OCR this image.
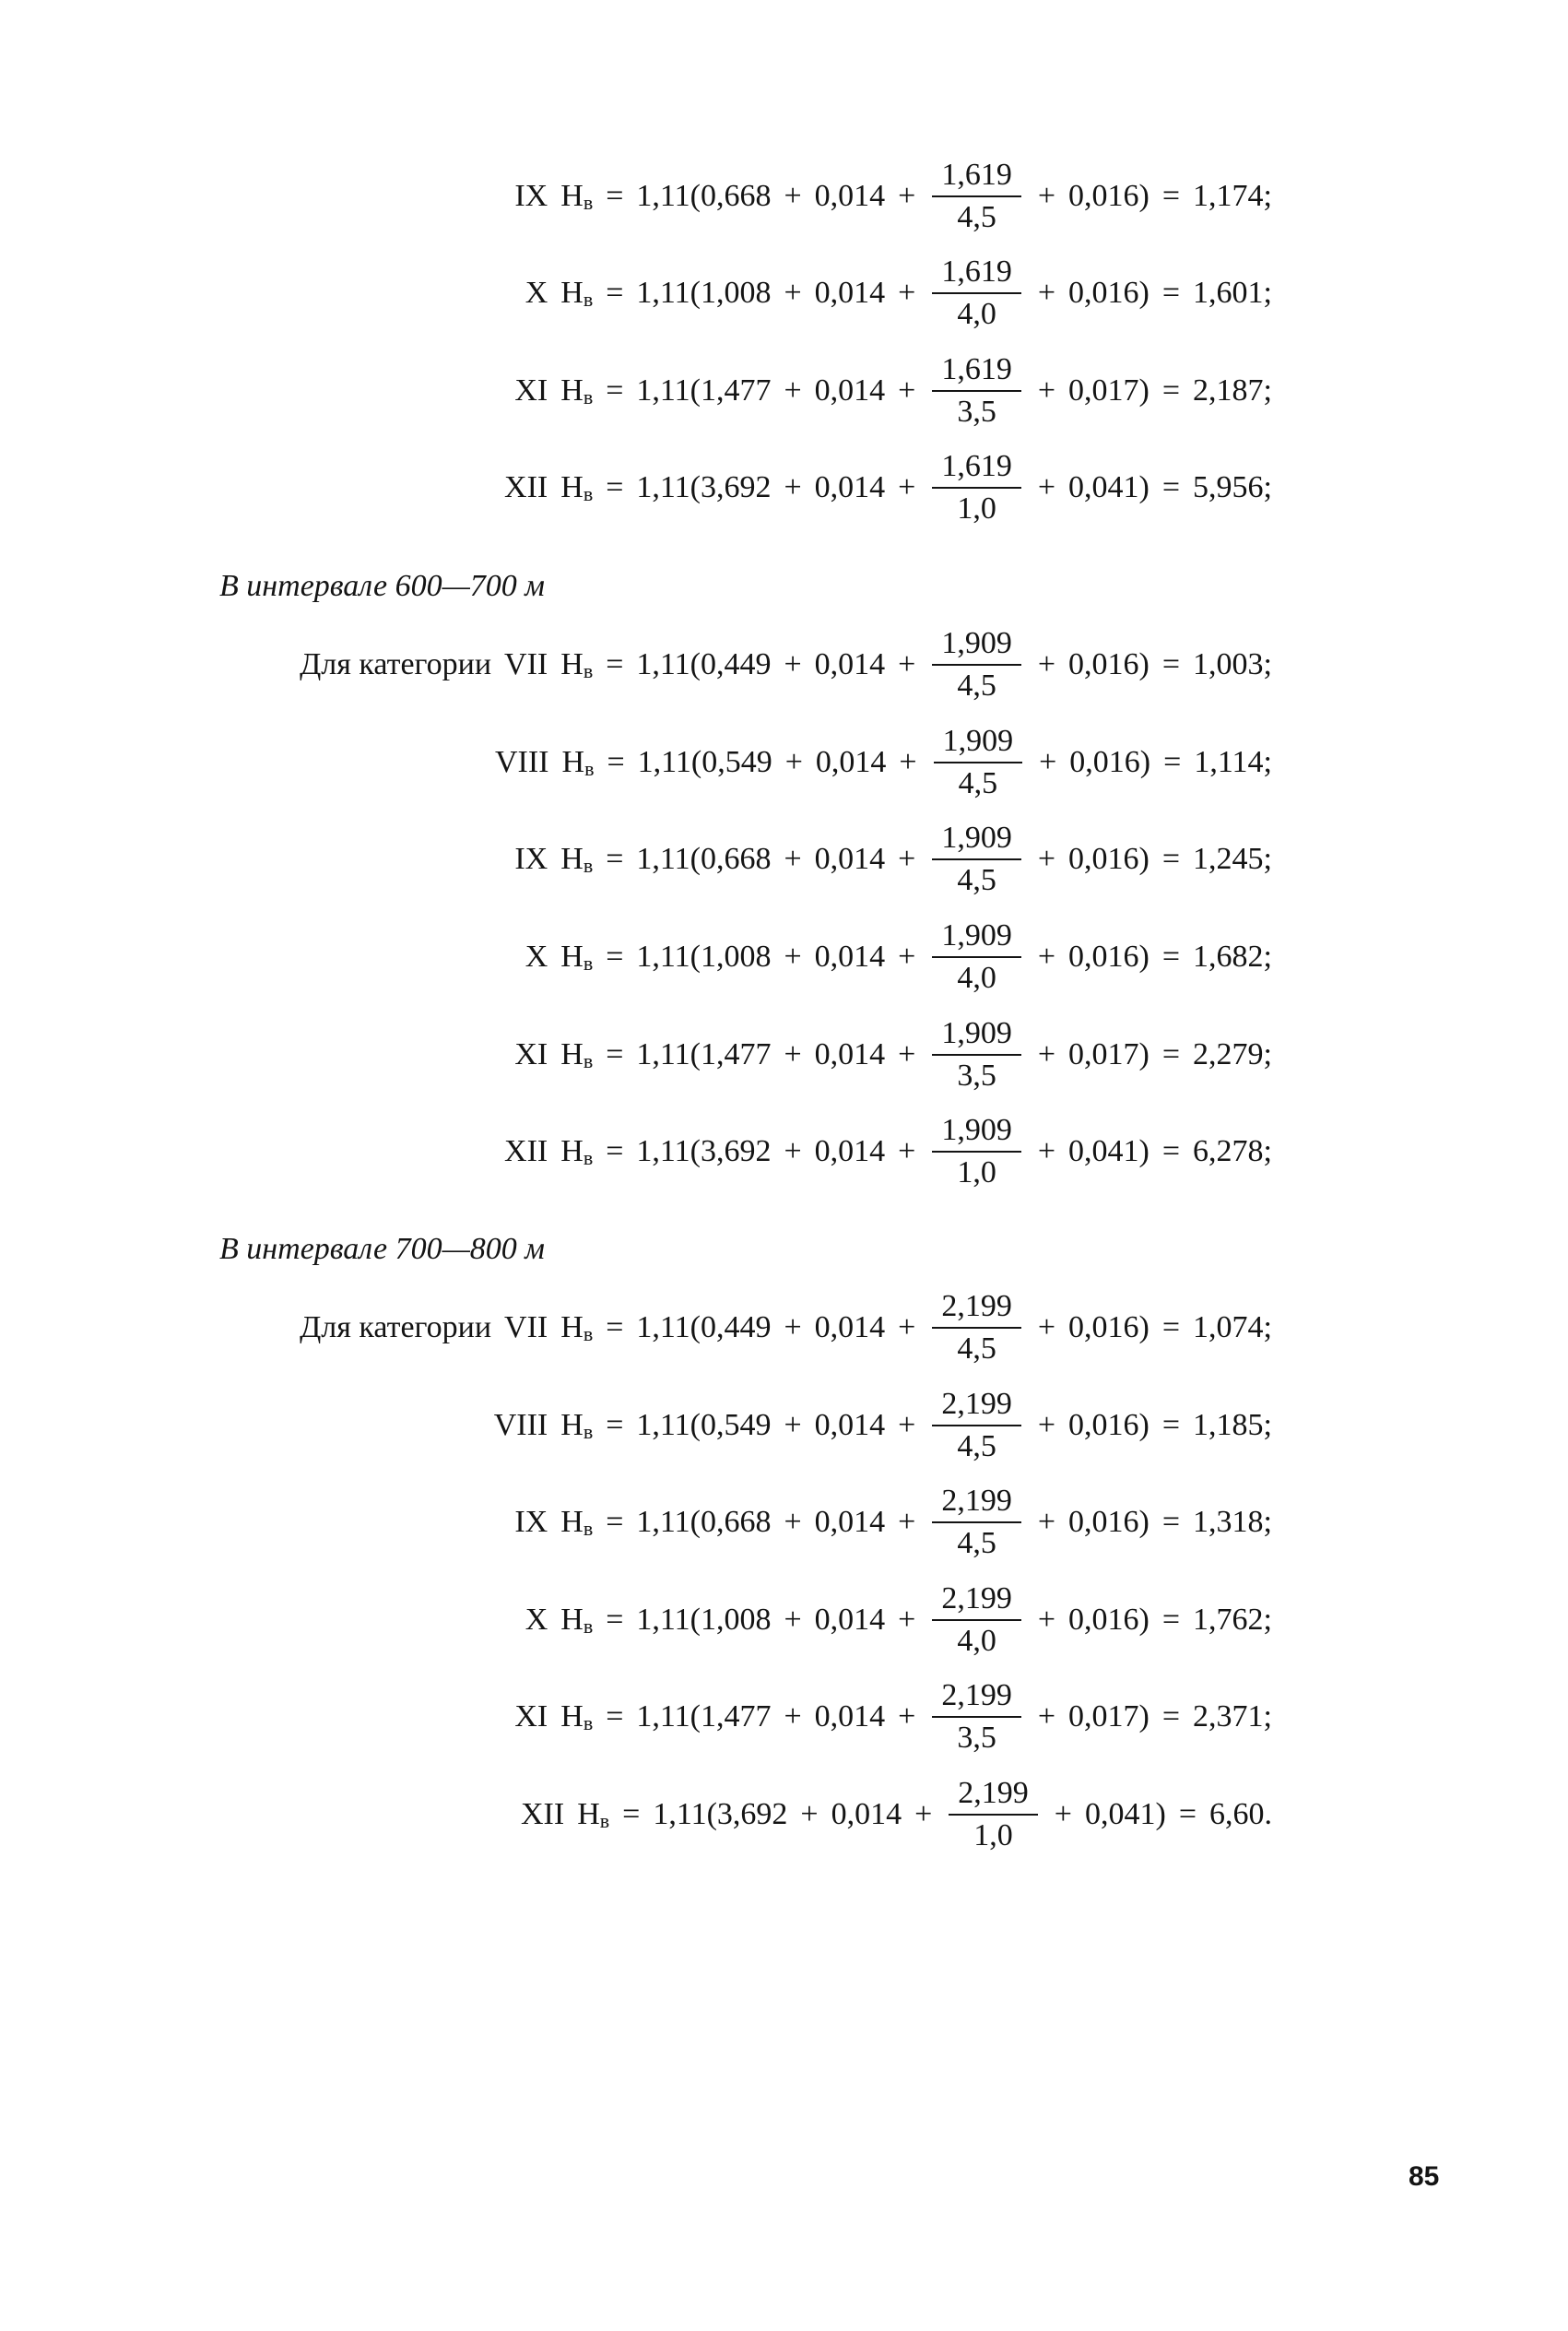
IX Hв = 1,11 ( $0,668 + 0,014 + \frac{1,619}{4,5} + 0,016$ ) = 1,174;
X Hв = 1,11 ( $1,008 + 0,014 + \frac{1,619}{4,0} + 0,016$ ) = 1,601;
XI Hв = 1,11 ( $1,477 + 0,014 + \frac{1,619}{3,5} + 0,017$ ) = 2,187;
XII Hв = 1,11 ( $3,692 + 0,014 + \frac{1,619}{1,0} + 0,041$ ) = 5,956;
В интервале 600—700 м
Для категории VII Hв = 1,11 ( $0,449 + 0,014 + \frac{1,909}{4,5} + 0,016$ ) = 1,003;
VIII Hв = 1,11 ( $0,549 + 0,014 + \frac{1,909}{4,5} + 0,016$ ) = 1,114;
IX Hв = 1,11 ( $0,668 + 0,014 + \frac{1,909}{4,5} + 0,016$ ) = 1,245;
X Hв = 1,11 ( $1,008 + 0,014 + \frac{1,909}{4,0} + 0,016$ ) = 1,682;
XI Hв = 1,11 ( $1,477 + 0,014 + \frac{1,909}{3,5} + 0,017$ ) = 2,279;
XII Hв = 1,11 ( $3,692 + 0,014 + \frac{1,909}{1,0} + 0,041$ ) = 6,278;
В интервале 700—800 м
Для категории VII Hв = 1,11 ( $0,449 + 0,014 + \frac{2,199}{4,5} + 0,016$ ) = 1,074;
VIII Hв = 1,11 ( $0,549 + 0,014 + \frac{2,199}{4,5} + 0,016$ ) = 1,185;
IX Hв = 1,11 ( $0,668 + 0,014 + \frac{2,199}{4,5} + 0,016$ ) = 1,318;
X Hв = 1,11 ( $1,008 + 0,014 + \frac{2,199}{4,0} + 0,016$ ) = 1,762;
XI Hв = 1,11 ( $1,477 + 0,014 + \frac{2,199}{3,5} + 0,017$ ) = 2,371;
XII Hв = 1,11 ( $3,692 + 0,014 + \frac{2,199}{1,0} + 0,041$ ) = 6,60.
85
